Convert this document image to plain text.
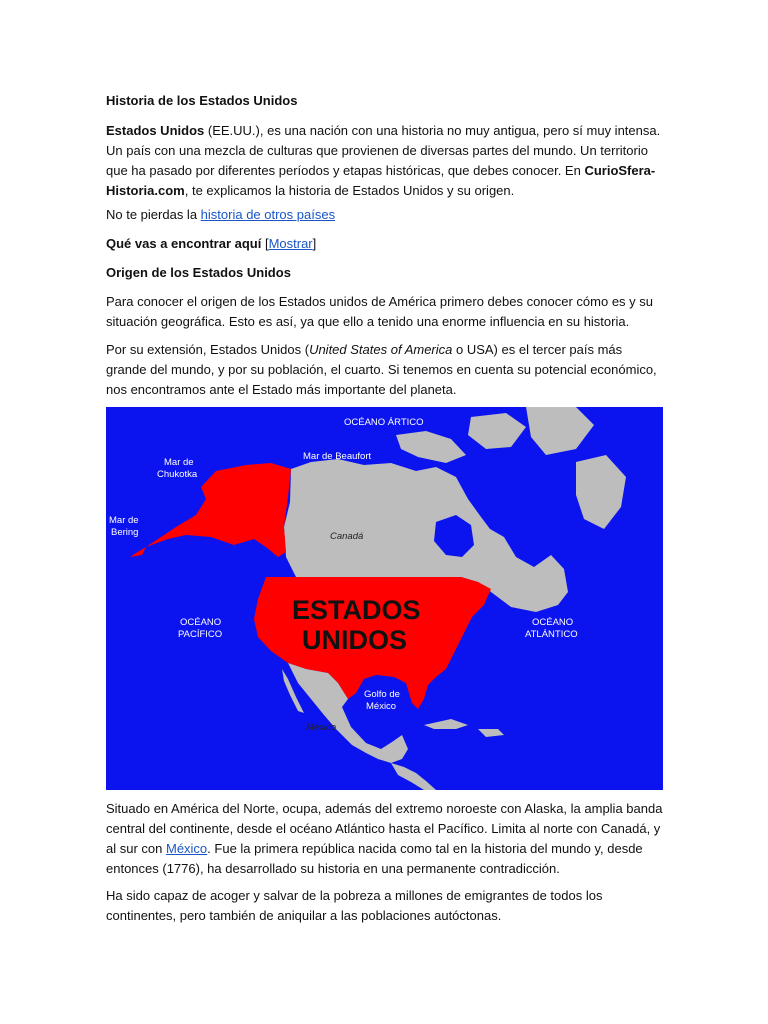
Historia de los Estados Unidos

Estados Unidos (EE.UU.), es una nación con una historia no muy antigua, pero sí muy intensa. Un país con una mezcla de culturas que provienen de diversas partes del mundo. Un territorio que ha pasado por diferentes períodos y etapas históricas, que debes conocer. En CurioSfera-Historia.com, te explicamos la historia de Estados Unidos y su origen.

No te pierdas la historia de otros países

Qué vas a encontrar aquí [Mostrar]

Origen de los Estados Unidos

Para conocer el origen de los Estados unidos de América primero debes conocer cómo es y su situación geográfica. Esto es así, ya que ello a tenido una enorme influencia en su historia.

Por su extensión, Estados Unidos (United States of America o USA) es el tercer país más grande del mundo, y por su población, el cuarto. Si tenemos en cuenta su potencial económico, nos encontramos ante el Estado más importante del planeta.

OCÉANO ÁRTICO
Mar de Beaufort
Mar de
Chukotka
Mar de
Bering	Canadá
ESTADOS
UNIDOS
OCÉANO
PACÍFICO
OCÉANO
ATLÁNTICO
Golfo de
México
México

Situado en América del Norte, ocupa, además del extremo noroeste con Alaska, la amplia banda central del continente, desde el océano Atlántico hasta el Pacífico. Limita al norte con Canadá, y al sur con México. Fue la primera república nacida como tal en la historia del mundo y, desde entonces (1776), ha desarrollado su historia en una permanente contradicción.

Ha sido capaz de acoger y salvar de la pobreza a millones de emigrantes de todos los continentes, pero también de aniquilar a las poblaciones autóctonas.
